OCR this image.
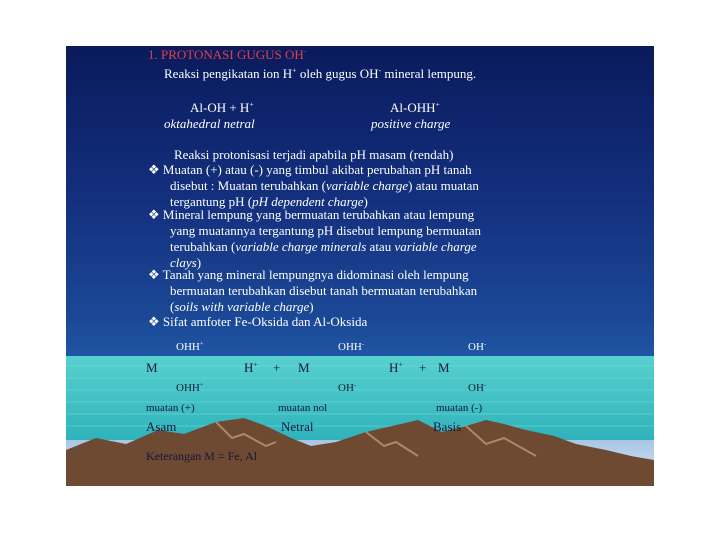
1. PROTONASI GUGUS OH-
Reaksi pengikatan ion H+ oleh gugus OH- mineral lempung.
Al-OH + H+	Al-OHH+
oktahedral netral	positive charge
Reaksi protonisasi terjadi apabila pH masam (rendah)
❖ Muatan (+) atau (-) yang timbul akibat perubahan pH tanah
disebut : Muatan terubahkan (variable charge) atau muatan
tergantung pH (pH dependent charge)
❖ Mineral lempung yang bermuatan terubahkan atau lempung
yang muatannya tergantung pH disebut lempung bermuatan
terubahkan (variable charge minerals atau variable charge
clays)
❖ Tanah yang mineral lempungnya didominasi oleh lempung
bermuatan terubahkan disebut tanah bermuatan terubahkan
(soils with variable charge)
❖ Sifat amfoter Fe-Oksida dan Al-Oksida
OHH+	OHH-	OH-
M	H+ + M	H+ + M
OHH+	OH-	OH-
muatan (+)	muatan nol	muatan (-)
Asam	Netral	Basis
Keterangan M = Fe, Al
